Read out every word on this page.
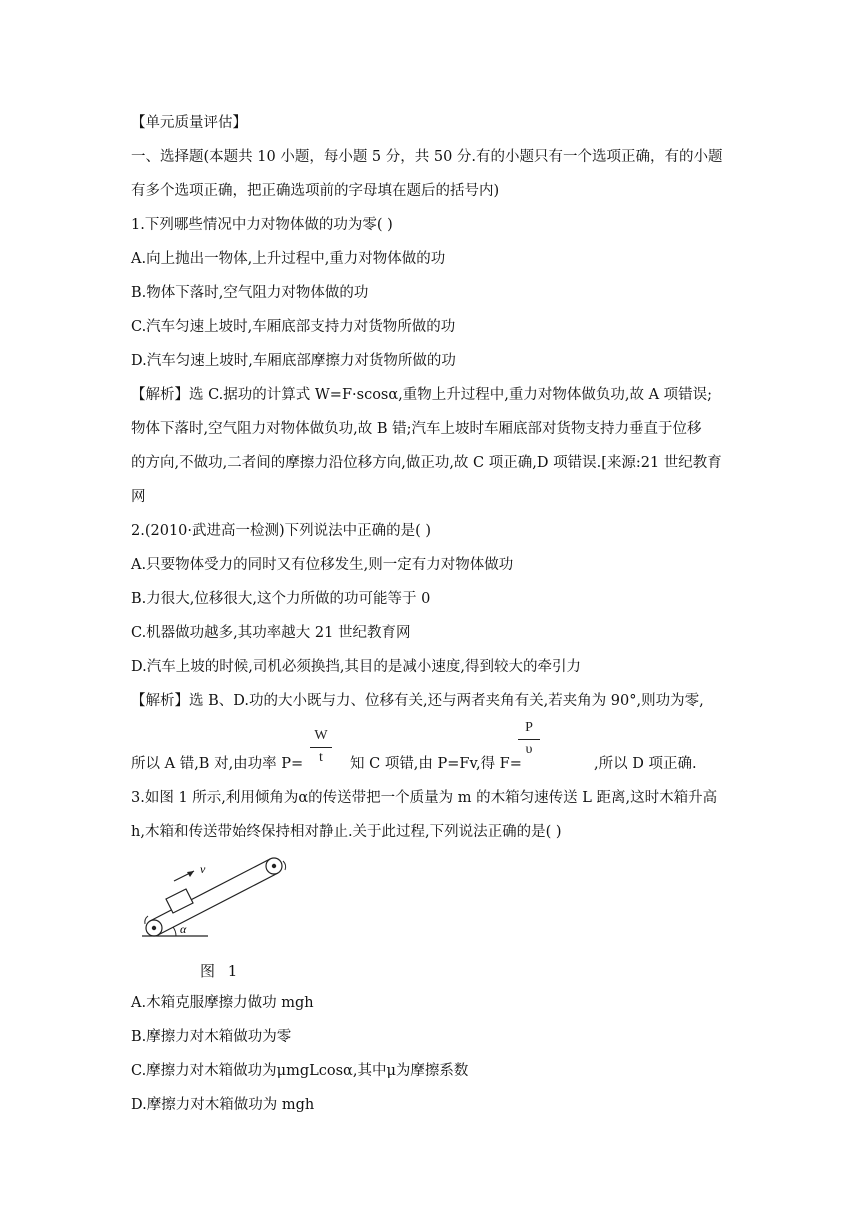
【单元质量评估】
一、选择题(本题共 10 小题，每小题 5 分，共 50 分.有的小题只有一个选项正确，有的小题
有多个选项正确，把正确选项前的字母填在题后的括号内)
1.下列哪些情况中力对物体做的功为零( )
A.向上抛出一物体,上升过程中,重力对物体做的功
B.物体下落时,空气阻力对物体做的功
C.汽车匀速上坡时,车厢底部支持力对货物所做的功
D.汽车匀速上坡时,车厢底部摩擦力对货物所做的功
【解析】选 C.据功的计算式 W=F·scosα,重物上升过程中,重力对物体做负功,故 A 项错误;
物体下落时,空气阻力对物体做负功,故 B 错;汽车上坡时车厢底部对货物支持力垂直于位移
的方向,不做功,二者间的摩擦力沿位移方向,做正功,故 C 项正确,D 项错误.[来源:21 世纪教育
网
2.(2010·武进高一检测)下列说法中正确的是( )
A.只要物体受力的同时又有位移发生,则一定有力对物体做功
B.力很大,位移很大,这个力所做的功可能等于 0
C.机器做功越多,其功率越大 21 世纪教育网
D.汽车上坡的时候,司机必须换挡,其目的是减小速度,得到较大的牵引力
【解析】选 B、D.功的大小既与力、位移有关,还与两者夹角有关,若夹角为 90°,则功为零,
所以 A 错,B 对,由功率 P=
W
t	知 C 项错,由 P=Fv,得 F=
P
υ
,所以 D 项正确.
3.如图 1 所示,利用倾角为α的传送带把一个质量为 m 的木箱匀速传送 L 距离,这时木箱升高
h,木箱和传送带始终保持相对静止.关于此过程,下列说法正确的是( )
v
α
图 1
A.木箱克服摩擦力做功 mgh
B.摩擦力对木箱做功为零
C.摩擦力对木箱做功为μmgLcosα,其中μ为摩擦系数
D.摩擦力对木箱做功为 mgh
